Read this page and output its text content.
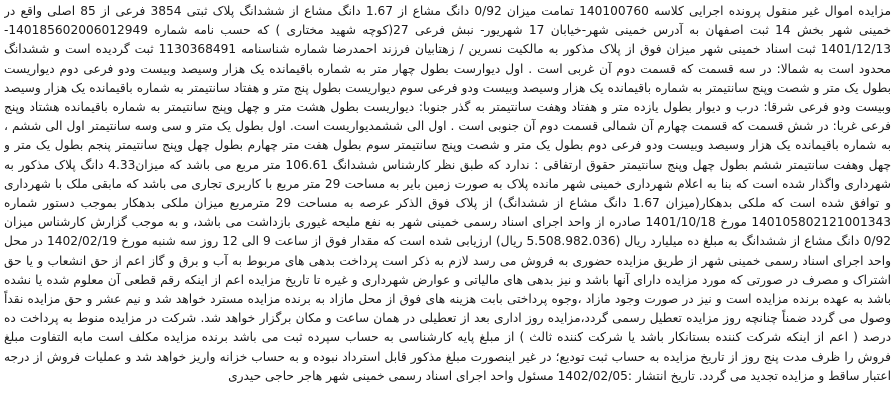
مزایده اموال غیر منقول پرونده اجرایی کلاسه 140100760 تمامت میزان 0/92 دانگ مشاع از 1.67 دانگ مشاع از ششدانگ پلاک ثبتی 3854 فرعی از 85 اصلی واقع در خمینی شهر بخش 14 ثبت اصفهان به آدرس خمینی شهر-خیابان 17 شهریور- نبش فرعی 27(کوچه شهید مختاری ) که حسب نامه شماره 140185602006012949-1401/12/13 ثبت اسناد خمینی شهر میزان فوق از پلاک مذکور به مالکیت نسرین / زهتابیان فرزند احمدرضا شماره شناسنامه 1130368491 ثبت گردیده است و ششدانگ محدود است به شمالا: در سه قسمت که قسمت دوم آن غربی است . اول دیوارست بطول چهار متر به شماره باقیمانده یک هزار وسیصد وبیست ودو فرعی دوم دیواریست بطول یک متر و شصت وپنج سانتیمتر به شماره باقیمانده یک هزار وسیصد وبیست ودو فرعی سوم دیواریست بطول پنج متر و هفتاد سانتیمتر به شماره باقیمانده یک هزار وسیصد وبیست ودو فرعی شرقا: درب و دیوار بطول یازده متر و هفتاد وهفت سانتیمتر به گذر جنوبا: دیواریست بطول هشت متر و چهل وپنج سانتیمتر به شماره باقیمانده هشتاد وپنج فرعی غربا: در شش قسمت که قسمت چهارم آن شمالی قسمت دوم آن جنوبی است . اول الی ششمدیواریست است. اول بطول یک متر و سی وسه سانتیمتر اول الی ششم ، به شماره باقیمانده یک هزار وسیصد وبیست ودو فرعی دوم بطول یک متر و شصت وپنج سانتیمتر سوم بطول هفت متر چهارم بطول چهل وپنج سانتیمتر پنجم بطول یک متر و چهل وهفت سانتیمتر ششم بطول چهل وپنج سانتیمتر حقوق ارتفاقی : ندارد که طبق نظر کارشناس ششدانگ 106.61 متر مربع می باشد که میزان4.33 دانگ پلاک مذکور به شهرداری واگذار شده است که بنا به اعلام شهرداری خمینی شهر مانده پلاک به صورت زمین بایر به مساحت 29 متر مربع با کاربری تجاری می باشد که مابقی ملک با شهرداری و توافق شده است که ملکی بدهکار(میزان 1.67 دانگ مشاع از ششدانگ) از پلاک فوق الذکر عرصه به مساحت 29 مترمربع میزان ملکی بدهکار بموجب دستور شماره 140105802121001343 مورخ 1401/10/18 صادره از واحد اجرای اسناد رسمی خمینی شهر به نفع ملیحه غیوری بازداشت می باشد، و به موجب گزارش کارشناس میزان 0/92 دانگ مشاع از ششدانگ به مبلغ ده میلیارد ریال (5.508.982.036 ریال) ارزیابی شده است که مقدار فوق از ساعت 9 الی 12 روز سه شنبه مورخ 1402/02/19 در محل واحد اجرای اسناد رسمی خمینی شهر از طریق مزایده حضوری به فروش می رسد لازم به ذکر است پرداخت بدهی های مربوط به آب و برق و گاز اعم از حق انشعاب و یا حق اشتراک و مصرف در صورتی که مورد مزایده دارای آنها باشد و نیز بدهی های مالیاتی و عوارض شهرداری و غیره تا تاریخ مزایده اعم از اینکه رقم قطعی آن معلوم شده یا نشده باشد به عهده برنده مزایده است و نیز در صورت وجود مازاد ،وجوه پرداختی بابت هزینه های فوق از محل مازاد به برنده مزایده مسترد خواهد شد و نیم عشر و حق مزایده نقداً وصول می گردد ضمناً چنانچه روز مزایده تعطیل رسمی گردد،مزایده روز اداری بعد از تعطیلی در همان ساعت و مکان برگزار خواهد شد. شرکت در مزایده منوط به پرداخت ده درصد ( اعم از اینکه شرکت کننده بستانکار باشد یا شرکت کننده ثالث ) از مبلغ پایه کارشناسی به حساب سپرده ثبت می باشد برنده مزایده مکلف است مابه التفاوت مبلغ فروش را ظرف مدت پنج روز از تاریخ مزایده به حساب ثبت تودیع؛ در غیر اینصورت مبلغ مذکور قابل استرداد نبوده و به حساب خزانه واریز خواهد شد و عملیات فروش از درجه اعتبار ساقط و مزایده تجدید می گردد. تاریخ انتشار :1402/02/05 مسئول واحد اجرای اسناد رسمی خمینی شهر هاجر حاجی حیدری
